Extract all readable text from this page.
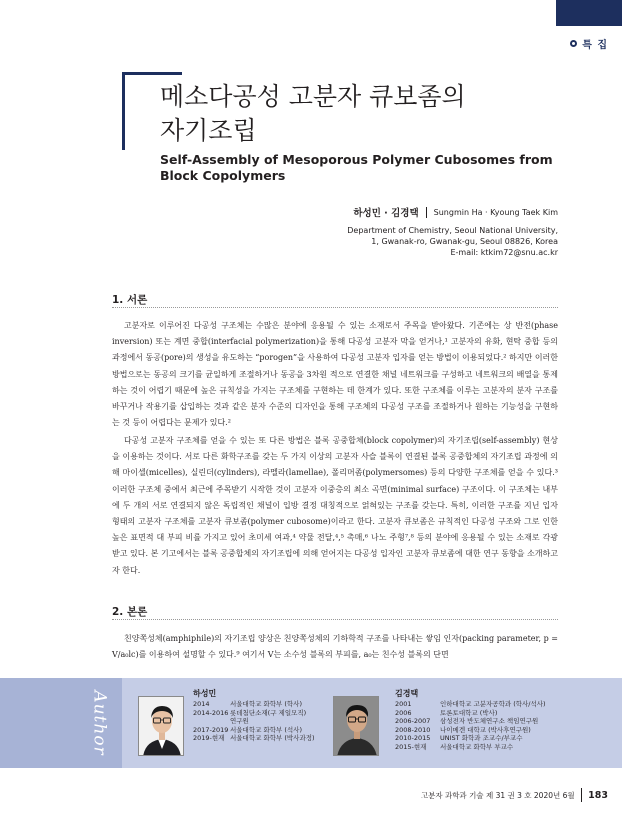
특 집
메소다공성 고분자 큐보좀의
자기조립
Self-Assembly of Mesoporous Polymer Cubosomes from Block Copolymers
하성민 · 김경택 Sungmin Ha · Kyoung Taek Kim
Department of Chemistry, Seoul National University,
1, Gwanak-ro, Gwanak-gu, Seoul 08826, Korea
E-mail: ktkim72@snu.ac.kr
1. 서론

고분자로 이루어진 다공성 구조체는 수많은 분야에 응용될 수 있는 소재로서 주목을 받아왔다. 기존에는 상 반전(phase inversion) 또는 계면 중합(interfacial polymerization)을 통해 다공성 고분자 막을 얻거나,¹ 고분자의 유화, 현탁 중합 등의 과정에서 동공(pore)의 생성을 유도하는 “porogen”을 사용하여 다공성 고분자 입자를 얻는 방법이 이용되었다.² 하지만 이러한 방법으로는 동공의 크기를 균일하게 조절하거나 동공을 3차원 적으로 연결한 채널 네트워크를 구성하고 네트워크의 배열을 통제하는 것이 어렵기 때문에 높은 규칙성을 가지는 구조체를 구현하는 데 한계가 있다. 또한 구조체를 이루는 고분자의 분자 구조를 바꾸거나 작용기를 삽입하는 것과 같은 분자 수준의 디자인을 통해 구조체의 다공성 구조를 조절하거나 원하는 기능성을 구현하는 것 등이 어렵다는 문제가 있다.²

다공성 고분자 구조체를 얻을 수 있는 또 다른 방법은 블록 공중합체(block copolymer)의 자기조립(self-assembly) 현상을 이용하는 것이다. 서로 다른 화학구조를 갖는 두 가지 이상의 고분자 사슬 블록이 연결된 블록 공중합체의 자기조립 과정에 의해 마이셀(micelles), 실린더(cylinders), 라멜라(lamellae), 폴리머좀(polymersomes) 등의 다양한 구조체를 얻을 수 있다.³ 이러한 구조체 중에서 최근에 주목받기 시작한 것이 고분자 이중층의 최소 곡면(minimal surface) 구조이다. 이 구조체는 내부에 두 개의 서로 연결되지 않은 독립적인 채널이 입방 결정 대칭적으로 얽혀있는 구조를 갖는다. 특히, 이러한 구조를 지닌 입자 형태의 고분자 구조체를 고분자 큐보좀(polymer cubosome)이라고 한다. 고분자 큐보좀은 규칙적인 다공성 구조와 그로 인한 높은 표면적 대 부피 비를 가지고 있어 초미세 여과,⁴ 약물 전달,⁴,⁵ 촉매,⁶ 나노 주형⁷,⁸ 등의 분야에 응용될 수 있는 소재로 각광받고 있다. 본 기고에서는 블록 공중합체의 자기조립에 의해 얻어지는 다공성 입자인 고분자 큐보좀에 대한 연구 동향을 소개하고자 한다.

2. 본론

친양쪽성체(amphiphile)의 자기조립 양상은 친양쪽성체의 기하학적 구조를 나타내는 쌓임 인자(packing parameter, p = V/a₀lc)를 이용하여 설명할 수 있다.⁹ 여기서 V는 소수성 블록의 부피를, a₀는 친수성 블록의 단면

Author	하성민
2014	서울대학교 화학부 (학사)
2014-2016 롯데첨단소재(구 제일모직)
연구원
2017-2019 서울대학교 화학부 (석사)
2019-현재 서울대학교 화학부 (박사과정)
김경택
2001	인하대학교 고분자공학과 (학사/석사)
2006	토론토대학교 (박사)
2006-2007	삼성전자 반도체연구소 책임연구원
2008-2010	나이메겐 대학교 (박사후연구원)
2010-2015	UNIST 화학과 조교수/부교수
2015-현재	서울대학교 화학부 부교수
고분자 과학과 기술 제 31 권 3 호 2020년 6월 183
